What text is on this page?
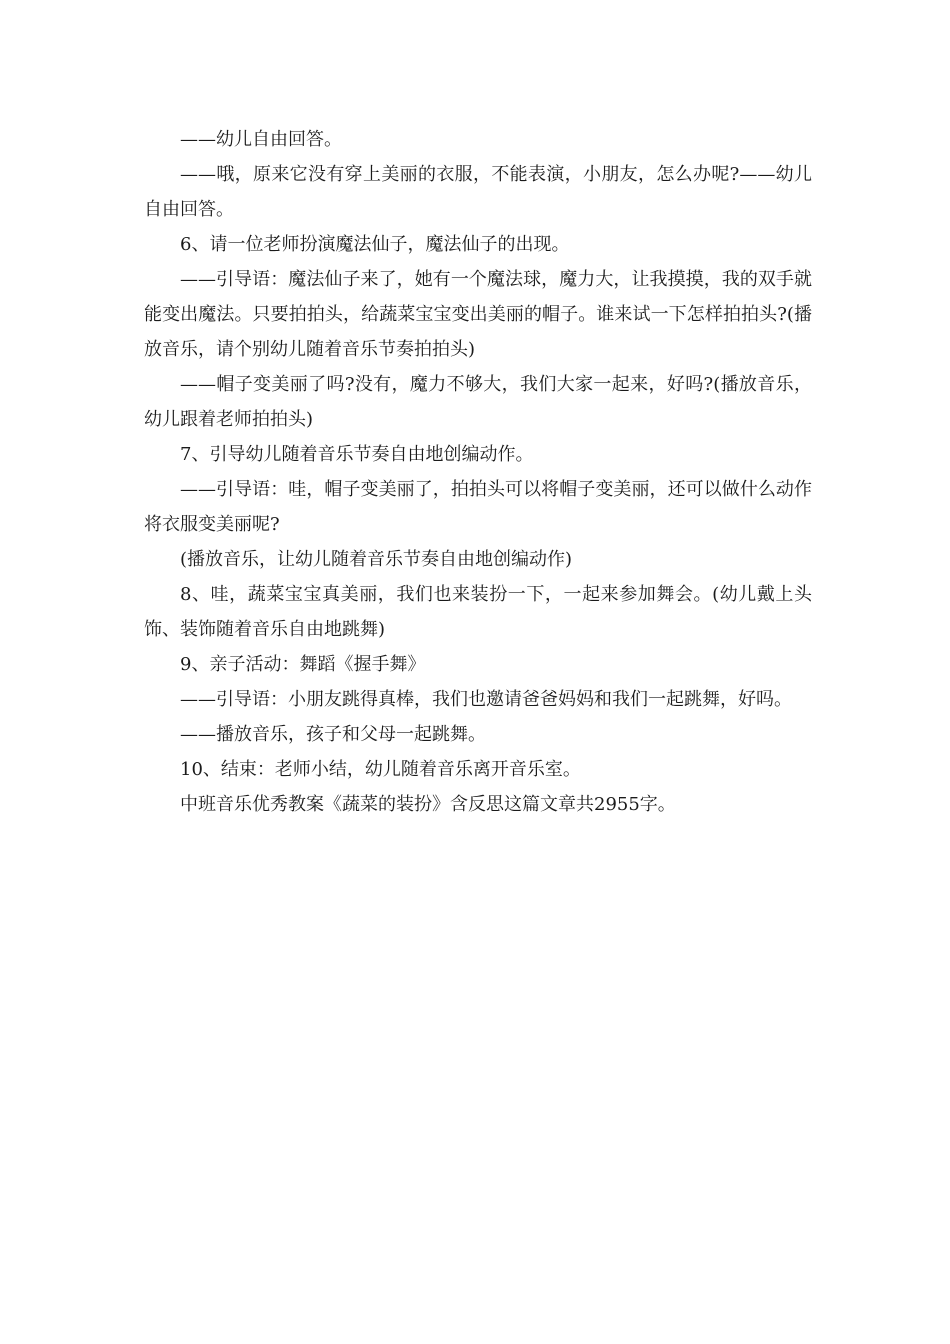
——幼儿自由回答。

——哦，原来它没有穿上美丽的衣服，不能表演，小朋友，怎么办呢?——幼儿自由回答。

6、请一位老师扮演魔法仙子，魔法仙子的出现。

——引导语：魔法仙子来了，她有一个魔法球，魔力大，让我摸摸，我的双手就能变出魔法。只要拍拍头，给蔬菜宝宝变出美丽的帽子。谁来试一下怎样拍拍头?(播放音乐，请个别幼儿随着音乐节奏拍拍头)

——帽子变美丽了吗?没有，魔力不够大，我们大家一起来，好吗?(播放音乐，幼儿跟着老师拍拍头)

7、引导幼儿随着音乐节奏自由地创编动作。

——引导语：哇，帽子变美丽了，拍拍头可以将帽子变美丽，还可以做什么动作将衣服变美丽呢?

(播放音乐，让幼儿随着音乐节奏自由地创编动作)

8、哇，蔬菜宝宝真美丽，我们也来装扮一下，一起来参加舞会。(幼儿戴上头饰、装饰随着音乐自由地跳舞)

9、亲子活动：舞蹈《握手舞》

——引导语：小朋友跳得真棒，我们也邀请爸爸妈妈和我们一起跳舞，好吗。

——播放音乐，孩子和父母一起跳舞。

10、结束：老师小结，幼儿随着音乐离开音乐室。

中班音乐优秀教案《蔬菜的装扮》含反思这篇文章共2955字。
